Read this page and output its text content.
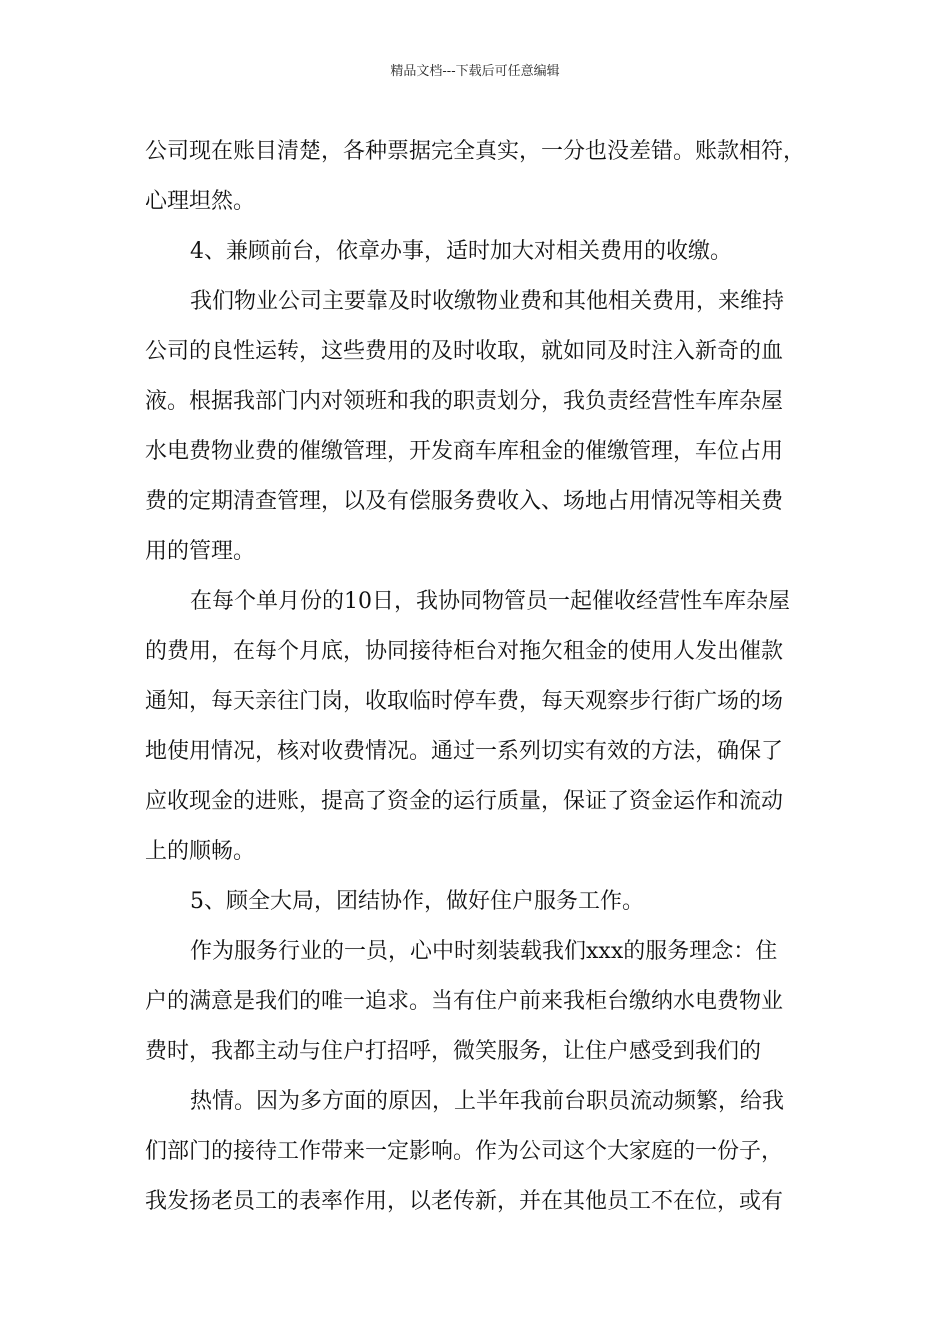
精品文档---下载后可任意编辑
公司现在账目清楚，各种票据完全真实，一分也没差错。账款相符，
心理坦然。
4、兼顾前台，依章办事，适时加大对相关费用的收缴。
我们物业公司主要靠及时收缴物业费和其他相关费用，来维持
公司的良性运转，这些费用的及时收取，就如同及时注入新奇的血
液。根据我部门内对领班和我的职责划分，我负责经营性车库杂屋
水电费物业费的催缴管理，开发商车库租金的催缴管理，车位占用
费的定期清查管理，以及有偿服务费收入、场地占用情况等相关费
用的管理。
在每个单月份的10日，我协同物管员一起催收经营性车库杂屋
的费用，在每个月底，协同接待柜台对拖欠租金的使用人发出催款
通知，每天亲往门岗，收取临时停车费，每天观察步行街广场的场
地使用情况，核对收费情况。通过一系列切实有效的方法，确保了
应收现金的进账，提高了资金的运行质量，保证了资金运作和流动
上的顺畅。
5、顾全大局，团结协作，做好住户服务工作。
作为服务行业的一员，心中时刻装载我们xxx的服务理念：住
户的满意是我们的唯一追求。当有住户前来我柜台缴纳水电费物业
费时，我都主动与住户打招呼，微笑服务，让住户感受到我们的
热情。因为多方面的原因，上半年我前台职员流动频繁，给我
们部门的接待工作带来一定影响。作为公司这个大家庭的一份子，
我发扬老员工的表率作用，以老传新，并在其他员工不在位，或有
